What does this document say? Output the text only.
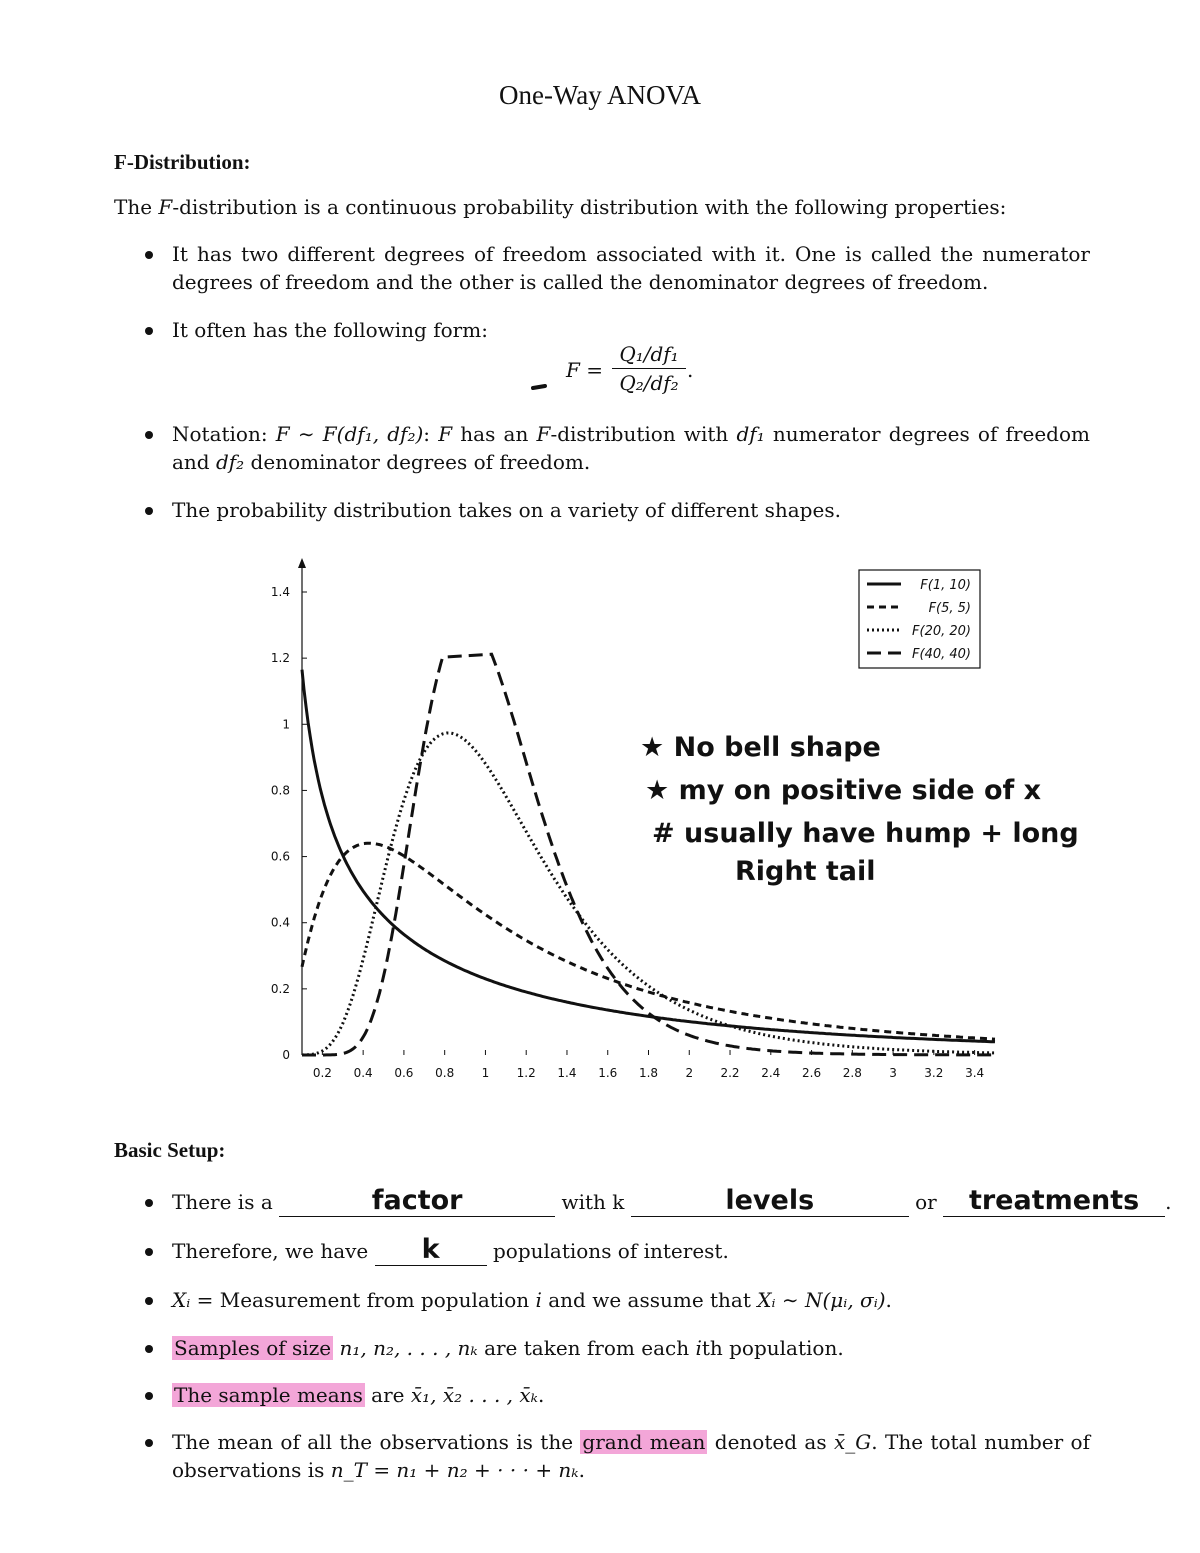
One-Way ANOVA

F-Distribution:

The F-distribution is a continuous probability distribution with the following properties:

It has two different degrees of freedom associated with it. One is called the numerator degrees of freedom and the other is called the denominator degrees of freedom.
It often has the following form:
F =
Q₁/df₁
Q₂/df₂
.
Notation: F ∼ F(df₁, df₂): F has an F-distribution with df₁ numerator degrees of freedom and df₂ denominator degrees of freedom.
The probability distribution takes on a variety of different shapes.
0.2 0.4 0.6 0.8 1 1.2 1.4 1.6 1.8 2 2.2 2.4 2.6 2.8 3 3.2 3.4
0
0.2
0.4
0.6
0.8
1
1.2
1.4	F(1, 10)
F(5, 5)
F(20, 20)
F(40, 40)
★ No bell shape
★ my on positive side of x
# usually have hump + long
Right tail

Basic Setup:

There is a	factor	with k	levels	or treatments .
Therefore, we have k	populations of interest.
Xᵢ = Measurement from population i and we assume that Xᵢ ∼ N(μᵢ, σᵢ).
Samples of size n₁, n₂, . . . , nₖ are taken from each ith population.
The sample means are x̄₁, x̄₂ . . . , x̄ₖ.
The mean of all the observations is the grand mean denoted as x̄_G. The total number of observations is n_T = n₁ + n₂ + · · · + nₖ.
